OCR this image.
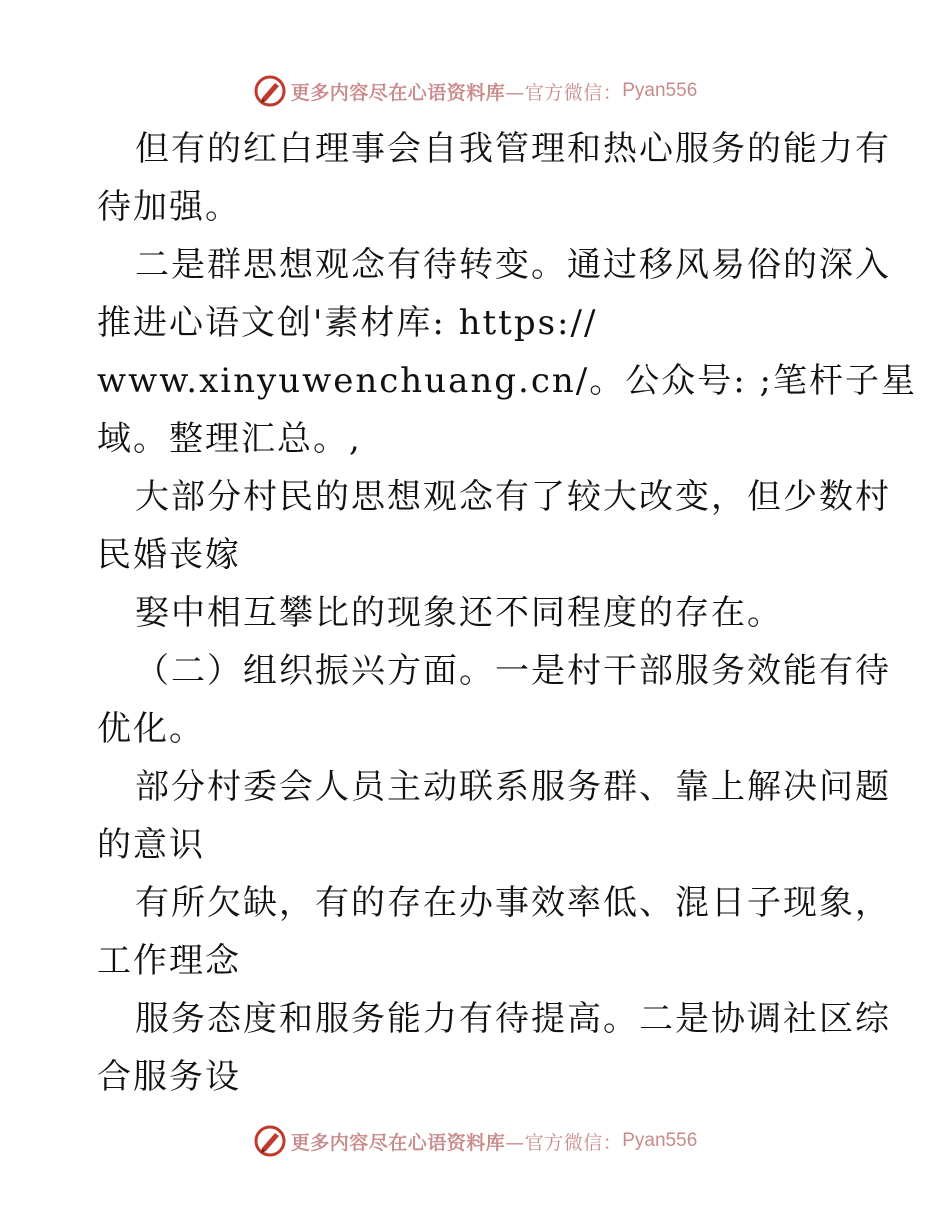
更多内容尽在心语资料库 —官方微信： Pyan556
但有的红白理事会自我管理和热心服务的能力有
待加强。
二是群思想观念有待转变。通过移风易俗的深入
推进心语文创'素材库: https://
www.xinyuwenchuang.cn/。公众号: ;笔杆子星
域。整理汇总。,
大部分村民的思想观念有了较大改变，但少数村
民婚丧嫁
娶中相互攀比的现象还不同程度的存在。
（二）组织振兴方面。一是村干部服务效能有待
优化。
部分村委会人员主动联系服务群、靠上解决问题
的意识
有所欠缺，有的存在办事效率低、混日子现象，
工作理念
服务态度和服务能力有待提高。二是协调社区综
合服务设
更多内容尽在心语资料库 —官方微信： Pyan556
